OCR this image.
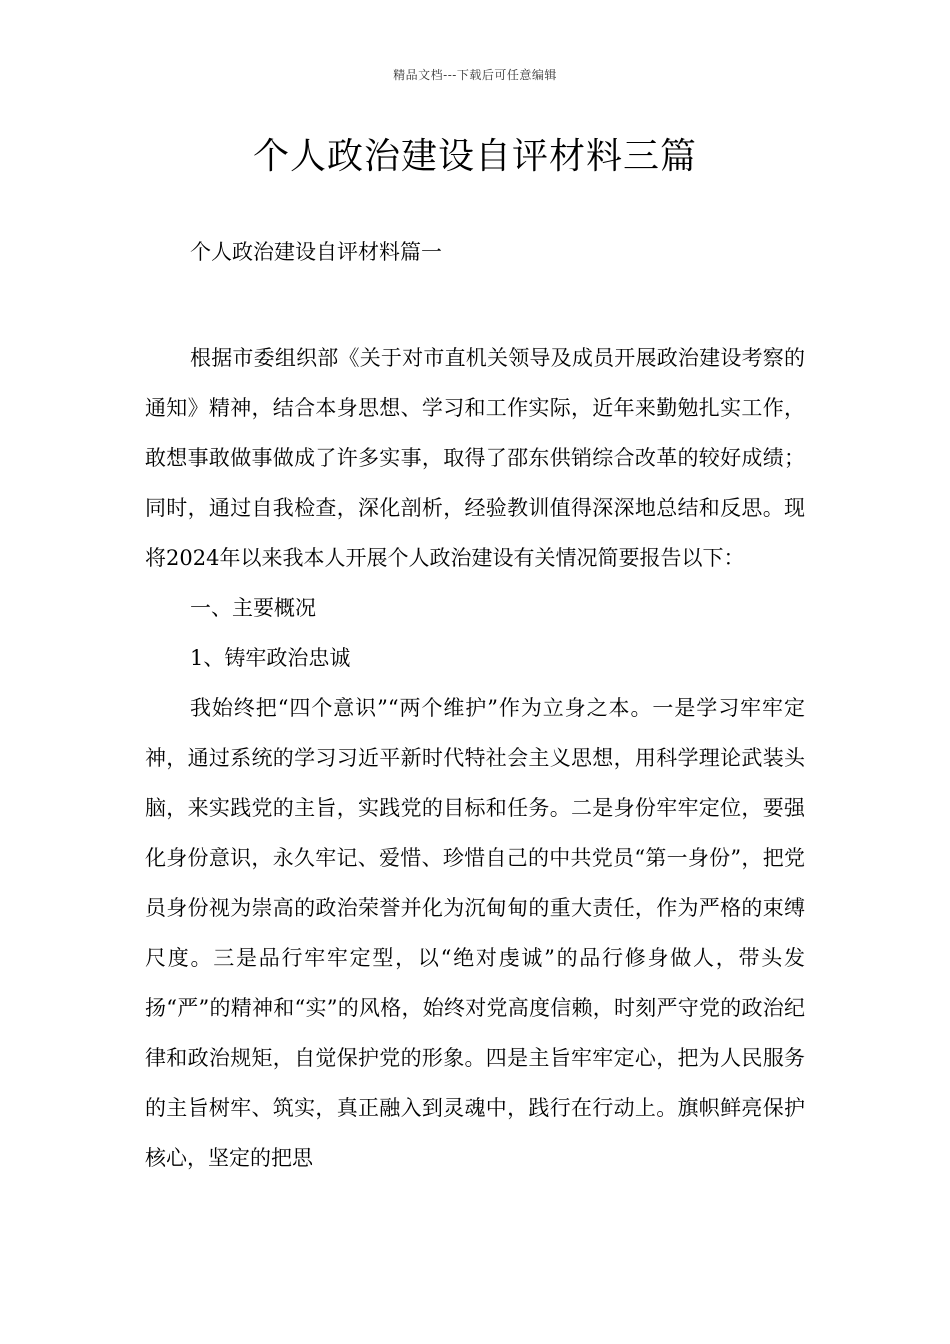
精品文档---下载后可任意编辑
个人政治建设自评材料三篇

个人政治建设自评材料篇一

根据市委组织部《关于对市直机关领导及成员开展政治建设考察的通知》精神，结合本身思想、学习和工作实际，近年来勤勉扎实工作，敢想事敢做事做成了许多实事，取得了邵东供销综合改革的较好成绩；同时，通过自我检查，深化剖析，经验教训值得深深地总结和反思。现将2024年以来我本人开展个人政治建设有关情况简要报告以下：

一、主要概况

1、铸牢政治忠诚

我始终把“四个意识”“两个维护”作为立身之本。一是学习牢牢定神，通过系统的学习习近平新时代特社会主义思想，用科学理论武装头脑，来实践党的主旨，实践党的目标和任务。二是身份牢牢定位，要强化身份意识，永久牢记、爱惜、珍惜自己的中共党员“第一身份”，把党员身份视为崇高的政治荣誉并化为沉甸甸的重大责任，作为严格的束缚尺度。三是品行牢牢定型，以“绝对虔诚”的品行修身做人，带头发扬“严”的精神和“实”的风格，始终对党高度信赖，时刻严守党的政治纪律和政治规矩，自觉保护党的形象。四是主旨牢牢定心，把为人民服务的主旨树牢、筑实，真正融入到灵魂中，践行在行动上。旗帜鲜亮保护核心，坚定的把思
